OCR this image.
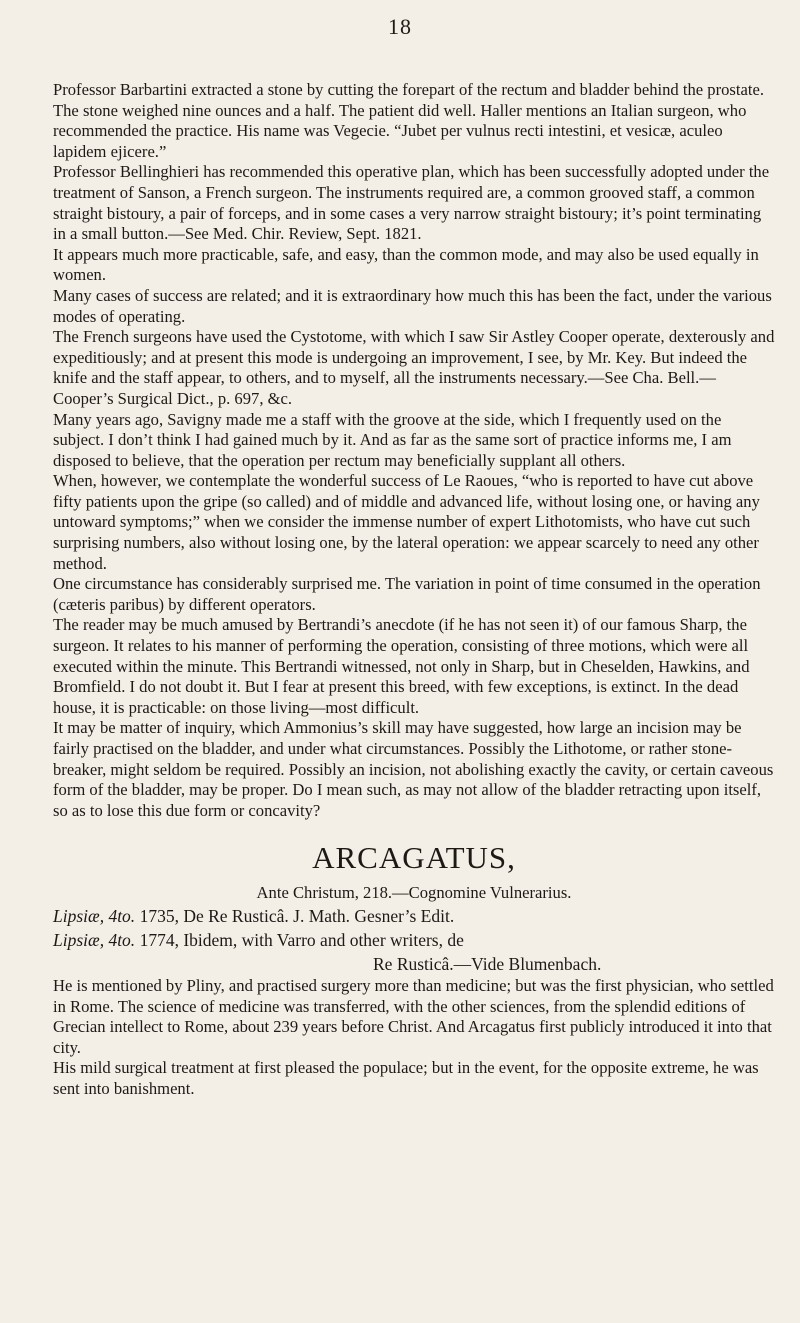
18

Professor Barbartini extracted a stone by cutting the forepart of the rectum and bladder behind the prostate. The stone weighed nine ounces and a half. The patient did well. Haller mentions an Italian surgeon, who recommended the practice. His name was Vegecie. “Jubet per vulnus recti intestini, et vesicæ, aculeo lapidem ejicere.”

Professor Bellinghieri has recommended this operative plan, which has been successfully adopted under the treatment of Sanson, a French surgeon. The instruments required are, a common grooved staff, a common straight bistoury, a pair of forceps, and in some cases a very narrow straight bistoury; it’s point terminating in a small button.—See Med. Chir. Review, Sept. 1821.

It appears much more practicable, safe, and easy, than the common mode, and may also be used equally in women.

Many cases of success are related; and it is extraordinary how much this has been the fact, under the various modes of operating.

The French surgeons have used the Cystotome, with which I saw Sir Astley Cooper operate, dexterously and expeditiously; and at present this mode is undergoing an improvement, I see, by Mr. Key. But indeed the knife and the staff appear, to others, and to myself, all the instruments necessary.—See Cha. Bell.—Cooper’s Surgical Dict., p. 697, &c.

Many years ago, Savigny made me a staff with the groove at the side, which I frequently used on the subject. I don’t think I had gained much by it. And as far as the same sort of practice informs me, I am disposed to believe, that the operation per rectum may beneficially supplant all others.

When, however, we contemplate the wonderful success of Le Raoues, “who is reported to have cut above fifty patients upon the gripe (so called) and of middle and advanced life, without losing one, or having any untoward symptoms;” when we consider the immense number of expert Lithotomists, who have cut such surprising numbers, also without losing one, by the lateral operation: we appear scarcely to need any other method.

One circumstance has considerably surprised me. The variation in point of time consumed in the operation (cæteris paribus) by different operators.

The reader may be much amused by Bertrandi’s anecdote (if he has not seen it) of our famous Sharp, the surgeon. It relates to his manner of performing the operation, consisting of three motions, which were all executed within the minute. This Bertrandi witnessed, not only in Sharp, but in Cheselden, Hawkins, and Bromfield. I do not doubt it. But I fear at present this breed, with few exceptions, is extinct. In the dead house, it is practicable: on those living—most difficult.

It may be matter of inquiry, which Ammonius’s skill may have suggested, how large an incision may be fairly practised on the bladder, and under what circumstances. Possibly the Lithotome, or rather stone-breaker, might seldom be required. Possibly an incision, not abolishing exactly the cavity, or certain caveous form of the bladder, may be proper. Do I mean such, as may not allow of the bladder retracting upon itself, so as to lose this due form or concavity?

ARCAGATUS,

Ante Christum, 218.—Cognomine Vulnerarius.

Lipsiæ, 4to. 1735, De Re Rusticâ. J. Math. Gesner’s Edit.

Lipsiæ, 4to. 1774, Ibidem, with Varro and other writers, de

Re Rusticâ.—Vide Blumenbach.

He is mentioned by Pliny, and practised surgery more than medicine; but was the first physician, who settled in Rome. The science of medicine was transferred, with the other sciences, from the splendid editions of Grecian intellect to Rome, about 239 years before Christ. And Arcagatus first publicly introduced it into that city.

His mild surgical treatment at first pleased the populace; but in the event, for the opposite extreme, he was sent into banishment.
